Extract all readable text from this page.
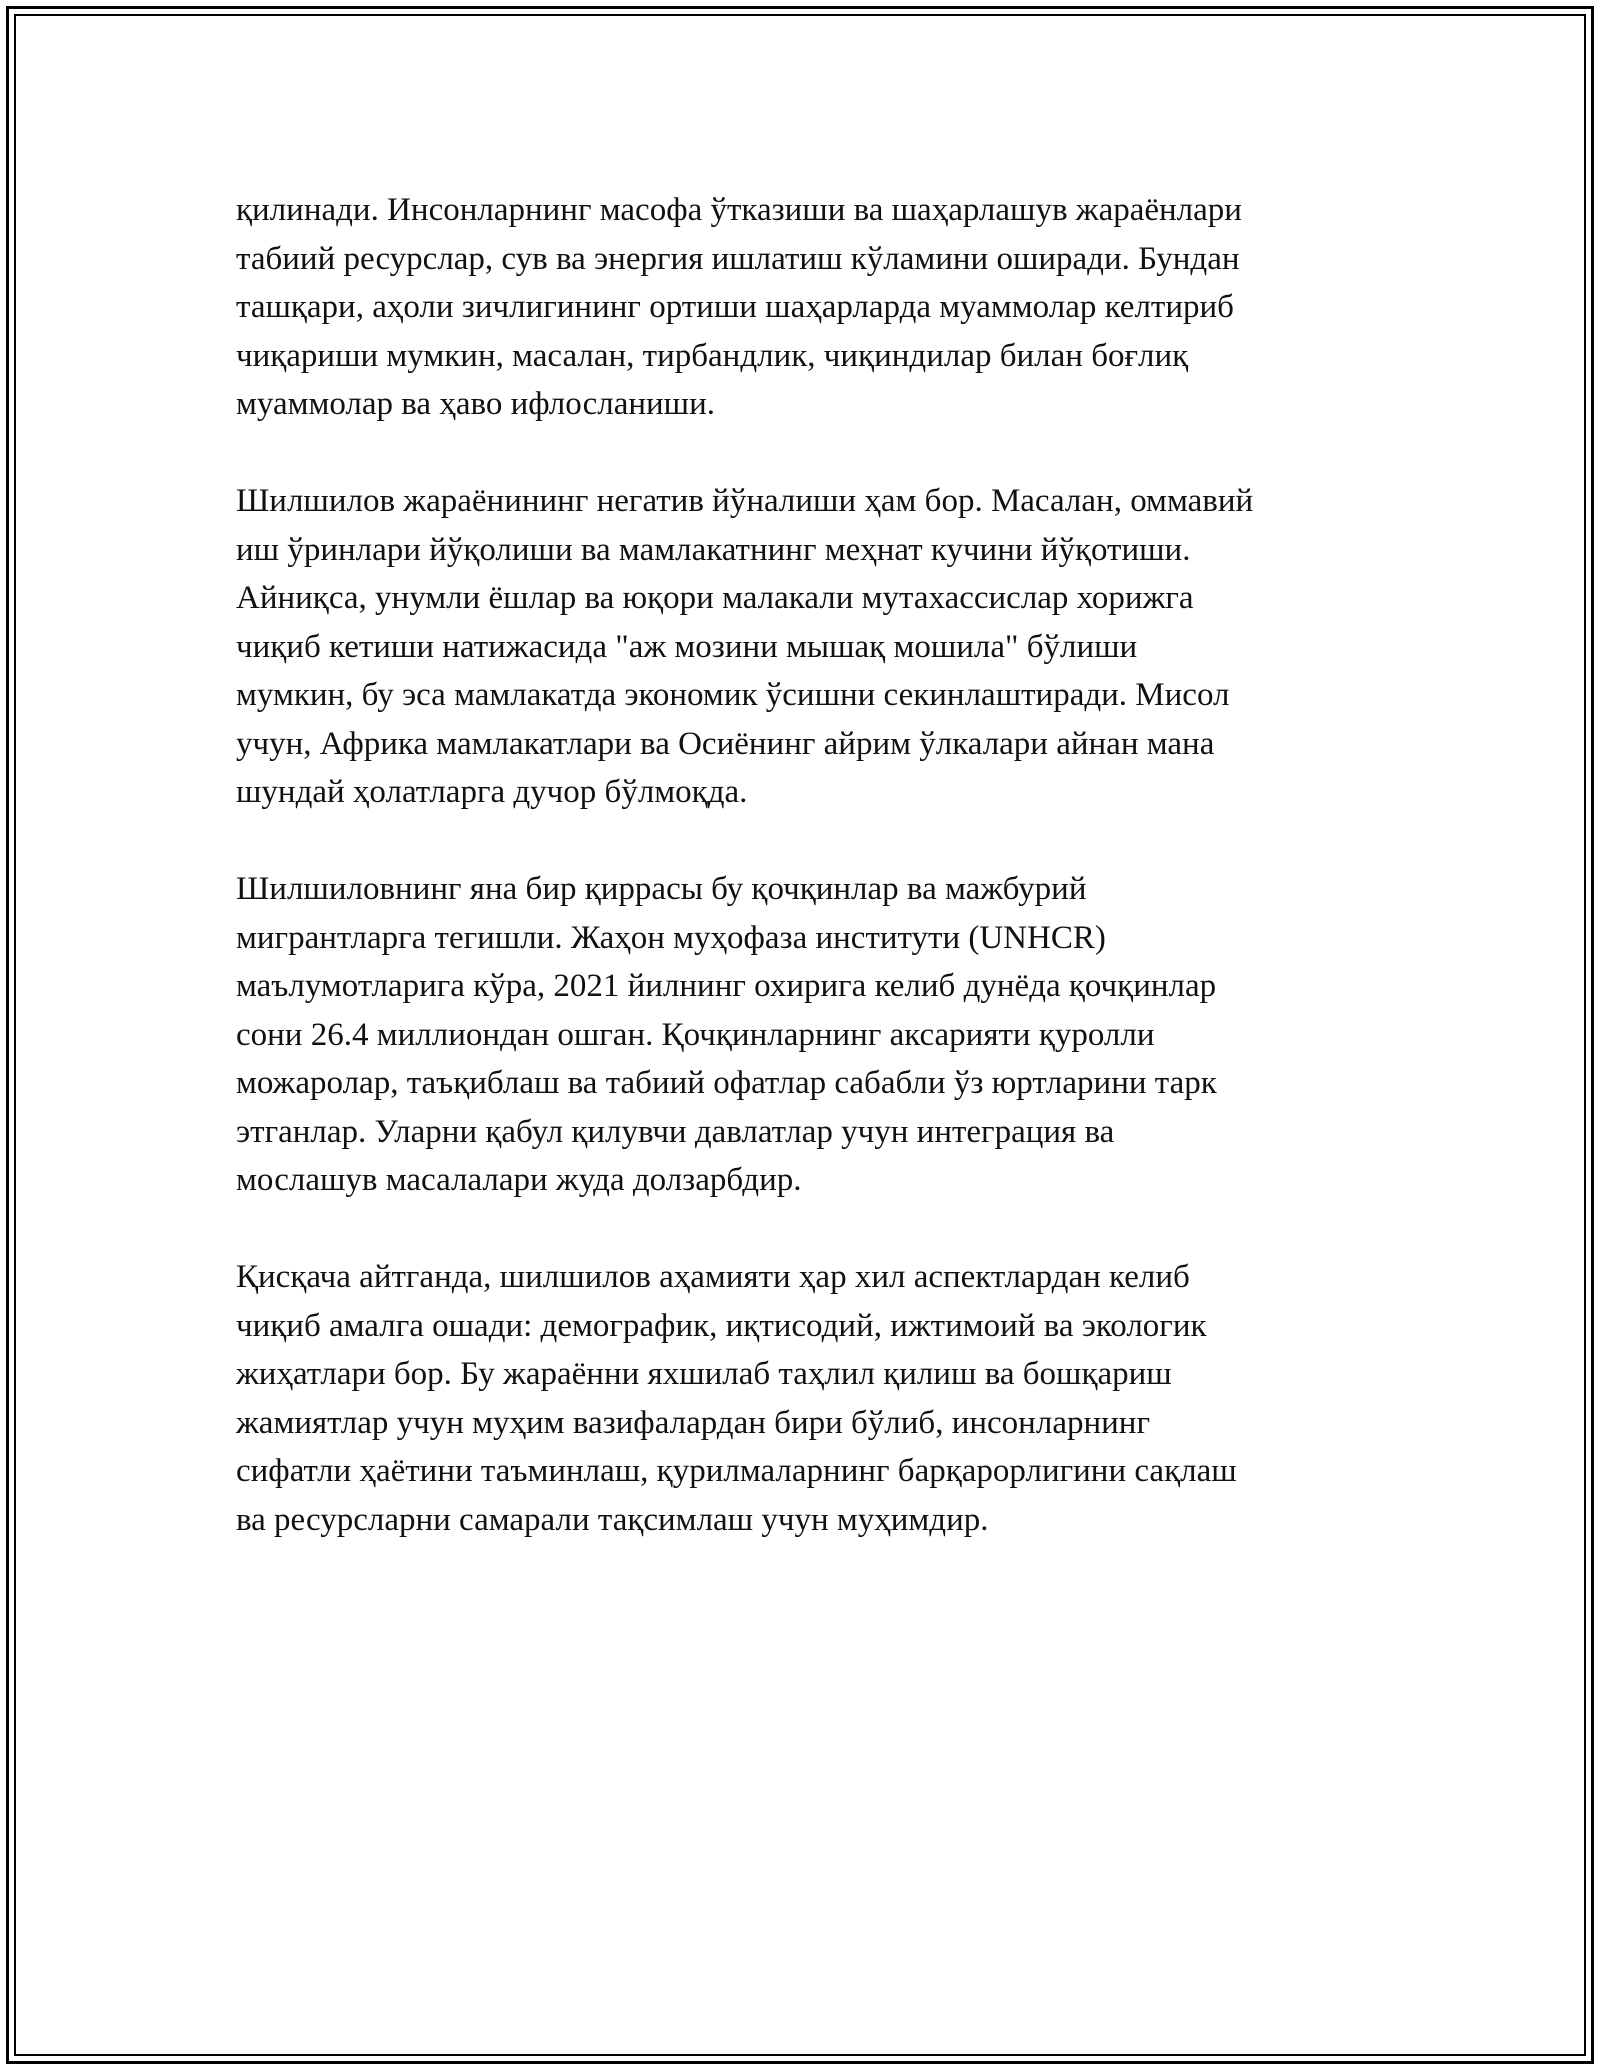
қилинади. Инсонларнинг масофа ўтказиши ва шаҳарлашув жараёнлари
табиий ресурслар, сув ва энергия ишлатиш кўламини оширади. Бундан
ташқари, аҳоли зичлигининг ортиши шаҳарларда муаммолар келтириб
чиқариши мумкин, масалан, тирбандлик, чиқиндилар билан боғлиқ
муаммолар ва ҳаво ифлосланиши.

Шилшилов жараёнининг негатив йўналиши ҳам бор. Масалан, оммавий
иш ўринлари йўқолиши ва мамлакатнинг меҳнат кучини йўқотиши.
Айниқса, унумли ёшлар ва юқори малакали мутахассислар хорижга
чиқиб кетиши натижасида "аж мозини мышақ мошила" бўлиши
мумкин, бу эса мамлакатда экономик ўсишни секинлаштиради. Мисол
учун, Африка мамлакатлари ва Осиёнинг айрим ўлкалари айнан мана
шундай ҳолатларга дучор бўлмоқда.

Шилшиловнинг яна бир қиррасы бу қочқинлар ва мажбурий
мигрантларга тегишли. Жаҳон муҳофаза институти (UNHCR)
маълумотларига кўра, 2021 йилнинг охирига келиб дунёда қочқинлар
сони 26.4 миллиондан ошган. Қочқинларнинг аксарияти қуролли
можаролар, таъқиблаш ва табиий офатлар сабабли ўз юртларини тарк
этганлар. Уларни қабул қилувчи давлатлар учун интеграция ва
мослашув масалалари жуда долзарбдир.

Қисқача айтганда, шилшилов аҳамияти ҳар хил аспектлардан келиб
чиқиб амалга ошади: демографик, иқтисодий, ижтимоий ва экологик
жиҳатлари бор. Бу жараённи яхшилаб таҳлил қилиш ва бошқариш
жамиятлар учун муҳим вазифалардан бири бўлиб, инсонларнинг
сифатли ҳаётини таъминлаш, қурилмаларнинг барқарорлигини сақлаш
ва ресурсларни самарали тақсимлаш учун муҳимдир.
